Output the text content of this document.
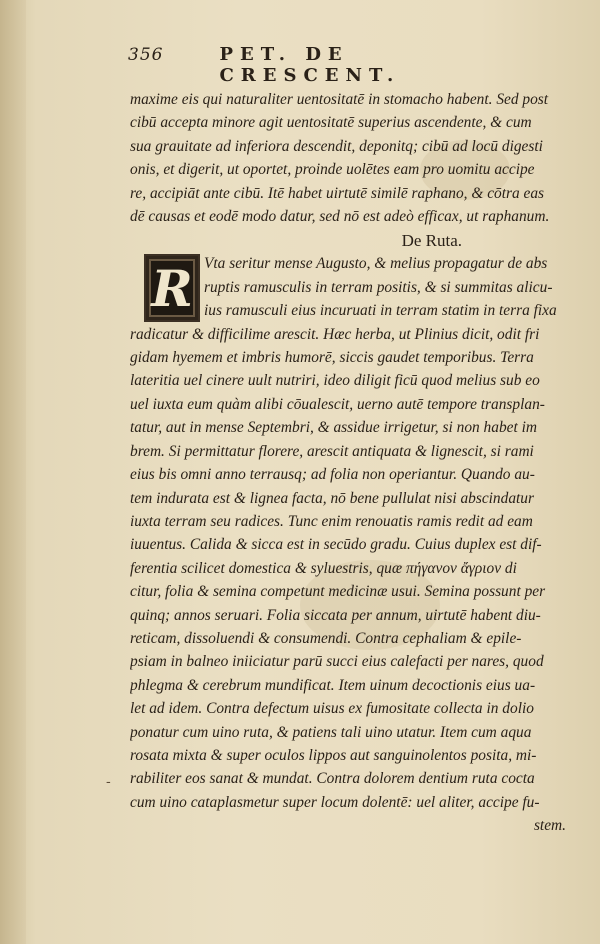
356	PET. DE CRESCENT.
maxime eis qui naturaliter uentositatē in stomacho habent. Sed post
cibū accepta minore agit uentositatē superius ascendente, & cum
sua grauitate ad inferiora descendit, deponitq; cibū ad locū digesti
onis, et digerit, ut oportet, proinde uolētes eam pro uomitu accipe
re, accipiāt ante cibū. Itē habet uirtutē similē raphano, & cōtra eas
dē causas et eodē modo datur, sed nō est adeò efficax, ut raphanum.
De Ruta.
R Vta seritur mense Augusto, & melius propagatur de abs
ruptis ramusculis in terram positis, & si summitas alicu-
ius ramusculi eius incuruati in terram statim in terra fixa
radicatur & difficilime arescit. Hæc herba, ut Plinius dicit, odit fri
gidam hyemem et imbris humorē, siccis gaudet temporibus. Terra
lateritia uel cinere uult nutriri, ideo diligit ficū quod melius sub eo
uel iuxta eum quàm alibi cōualescit, uerno autē tempore transplan-
tatur, aut in mense Septembri, & assidue irrigetur, si non habet im
brem. Si permittatur florere, arescit antiquata & lignescit, si rami
eius bis omni anno terrausq; ad folia non operiantur. Quando au-
tem indurata est & lignea facta, nō bene pullulat nisi abscindatur
iuxta terram seu radices. Tunc enim renouatis ramis redit ad eam
iuuentus. Calida & sicca est in secūdo gradu. Cuius duplex est dif-
ferentia scilicet domestica & syluestris, quæ πήγανον ἄγριον di
citur, folia & semina competunt medicinæ usui. Semina possunt per
quinq; annos seruari. Folia siccata per annum, uirtutē habent diu-
reticam, dissoluendi & consumendi. Contra cephaliam & epile-
psiam in balneo iniiciatur parū succi eius calefacti per nares, quod
phlegma & cerebrum mundificat. Item uinum decoctionis eius ua-
let ad idem. Contra defectum uisus ex fumositate collecta in dolio
ponatur cum uino ruta, & patiens tali uino utatur. Item cum aqua
rosata mixta & super oculos lippos aut sanguinolentos posita, mi-
rabiliter eos sanat & mundat. Contra dolorem dentium ruta cocta
cum uino cataplasmetur super locum dolentē: uel aliter, accipe fu-
stem.
‐
